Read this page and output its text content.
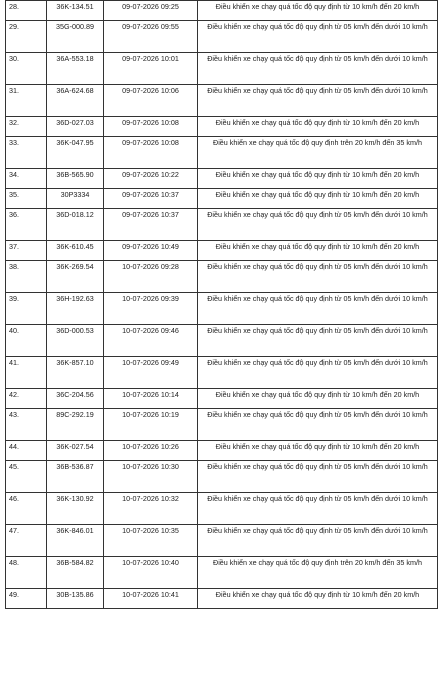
28.	36K-134.51	09-07-2026 09:25	Điều khiển xe chạy quá tốc độ quy định từ 10 km/h đến 20 km/h
29.	35G-000.89	09-07-2026 09:55	Điều khiển xe chạy quá tốc độ quy định từ 05 km/h đến dưới 10 km/h
30.	36A-553.18	09-07-2026 10:01	Điều khiển xe chạy quá tốc độ quy định từ 05 km/h đến dưới 10 km/h
31.	36A-624.68	09-07-2026 10:06	Điều khiển xe chạy quá tốc độ quy định từ 05 km/h đến dưới 10 km/h
32.	36D-027.03	09-07-2026 10:08	Điều khiển xe chạy quá tốc độ quy định từ 10 km/h đến 20 km/h
33.	36K-047.95	09-07-2026 10:08	Điều khiển xe chạy quá tốc độ quy định trên 20 km/h đến 35 km/h
34.	36B-565.90	09-07-2026 10:22	Điều khiển xe chạy quá tốc độ quy định từ 10 km/h đến 20 km/h
35.	30P3334	09-07-2026 10:37	Điều khiển xe chạy quá tốc độ quy định từ 10 km/h đến 20 km/h
36.	36D-018.12	09-07-2026 10:37	Điều khiển xe chạy quá tốc độ quy định từ 05 km/h đến dưới 10 km/h
37.	36K-610.45	09-07-2026 10:49	Điều khiển xe chạy quá tốc độ quy định từ 10 km/h đến 20 km/h
38.	36K-269.54	10-07-2026 09:28	Điều khiển xe chạy quá tốc độ quy định từ 05 km/h đến dưới 10 km/h
39.	36H-192.63	10-07-2026 09:39	Điều khiển xe chạy quá tốc độ quy định từ 05 km/h đến dưới 10 km/h
40.	36D-000.53	10-07-2026 09:46	Điều khiển xe chạy quá tốc độ quy định từ 05 km/h đến dưới 10 km/h
41.	36K-857.10	10-07-2026 09:49	Điều khiển xe chạy quá tốc độ quy định từ 05 km/h đến dưới 10 km/h
42.	36C-204.56	10-07-2026 10:14	Điều khiển xe chạy quá tốc độ quy định từ 10 km/h đến 20 km/h
43.	89C-292.19	10-07-2026 10:19	Điều khiển xe chạy quá tốc độ quy định từ 05 km/h đến dưới 10 km/h
44.	36K-027.54	10-07-2026 10:26	Điều khiển xe chạy quá tốc độ quy định từ 10 km/h đến 20 km/h
45.	36B-536.87	10-07-2026 10:30	Điều khiển xe chạy quá tốc độ quy định từ 05 km/h đến dưới 10 km/h
46.	36K-130.92	10-07-2026 10:32	Điều khiển xe chạy quá tốc độ quy định từ 05 km/h đến dưới 10 km/h
47.	36K-846.01	10-07-2026 10:35	Điều khiển xe chạy quá tốc độ quy định từ 05 km/h đến dưới 10 km/h
48.	36B-584.82	10-07-2026 10:40	Điều khiển xe chạy quá tốc độ quy định trên 20 km/h đến 35 km/h
49.	30B-135.86	10-07-2026 10:41	Điều khiển xe chạy quá tốc độ quy định từ 10 km/h đến 20 km/h
